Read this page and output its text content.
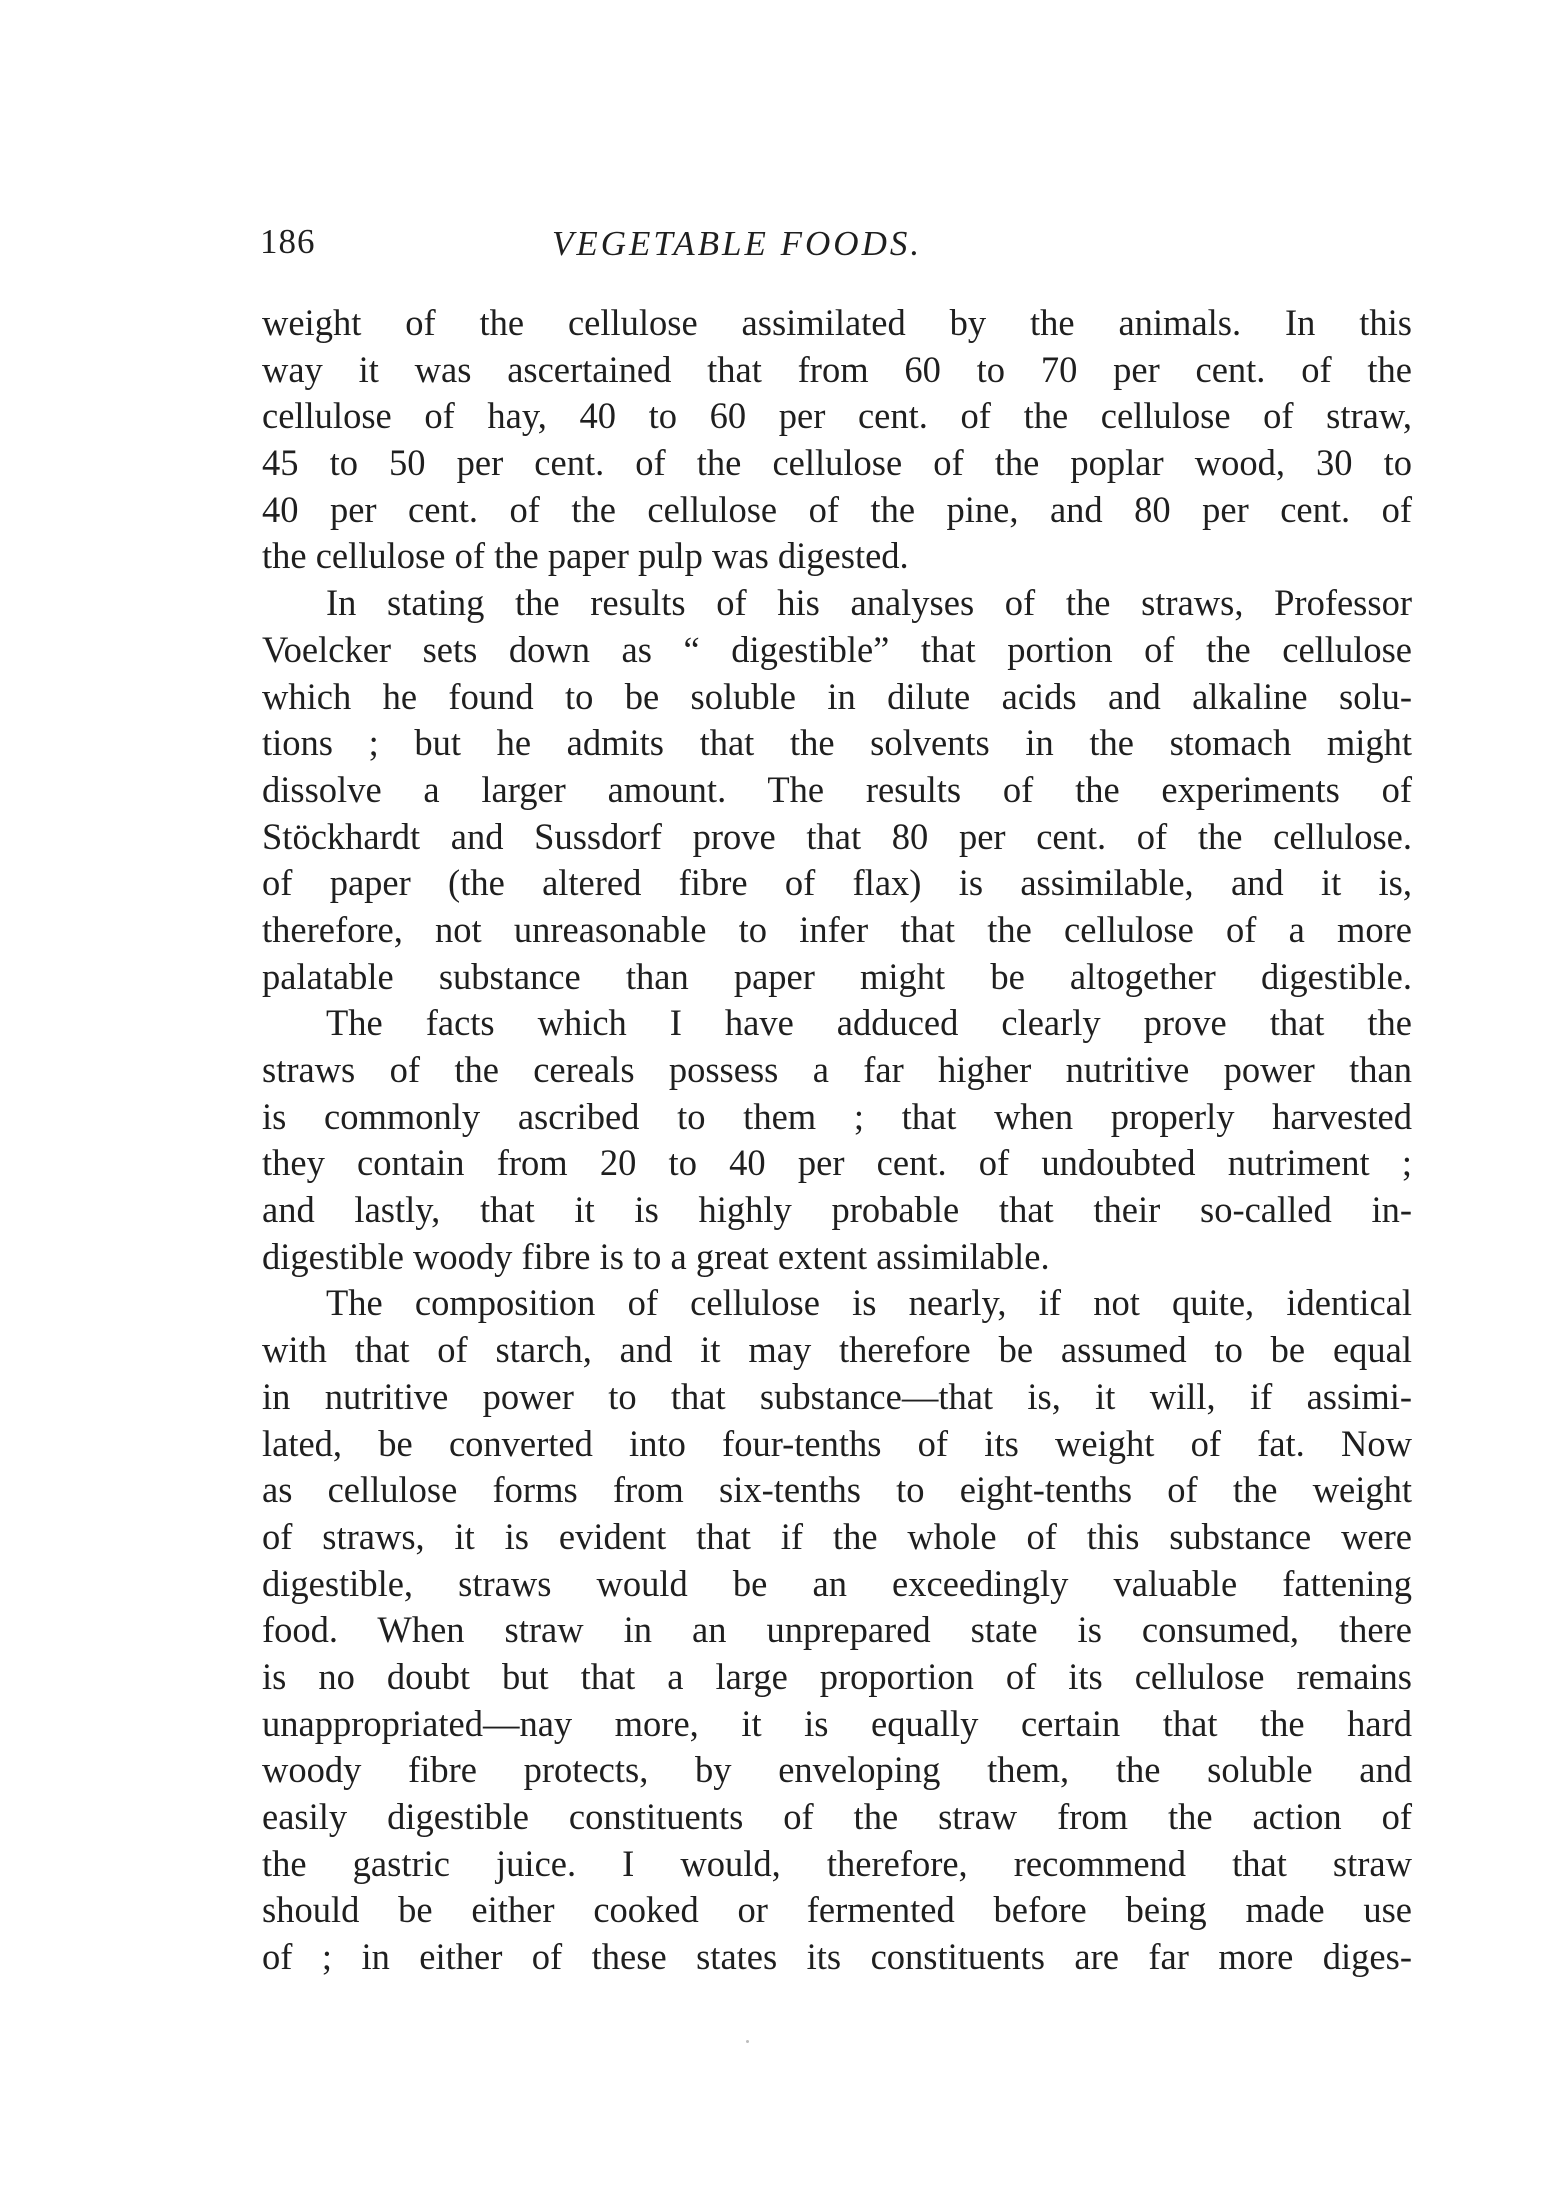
186	VEGETABLE FOODS.
weight of the cellulose assimilated by the animals. In this
way it was ascertained that from 60 to 70 per cent. of the
cellulose of hay, 40 to 60 per cent. of the cellulose of straw,
45 to 50 per cent. of the cellulose of the poplar wood, 30 to
40 per cent. of the cellulose of the pine, and 80 per cent. of
the cellulose of the paper pulp was digested.
In stating the results of his analyses of the straws, Professor
Voelcker sets down as “ digestible” that portion of the cellulose
which he found to be soluble in dilute acids and alkaline solu-
tions ; but he admits that the solvents in the stomach might
dissolve a larger amount. The results of the experiments of
Stöckhardt and Sussdorf prove that 80 per cent. of the cellulose.
of paper (the altered fibre of flax) is assimilable, and it is,
therefore, not unreasonable to infer that the cellulose of a more
palatable substance than paper might be altogether digestible.
The facts which I have adduced clearly prove that the
straws of the cereals possess a far higher nutritive power than
is commonly ascribed to them ; that when properly harvested
they contain from 20 to 40 per cent. of undoubted nutriment ;
and lastly, that it is highly probable that their so-called in-
digestible woody fibre is to a great extent assimilable.
The composition of cellulose is nearly, if not quite, identical
with that of starch, and it may therefore be assumed to be equal
in nutritive power to that substance—that is, it will, if assimi-
lated, be converted into four-tenths of its weight of fat. Now
as cellulose forms from six-tenths to eight-tenths of the weight
of straws, it is evident that if the whole of this substance were
digestible, straws would be an exceedingly valuable fattening
food. When straw in an unprepared state is consumed, there
is no doubt but that a large proportion of its cellulose remains
unappropriated—nay more, it is equally certain that the hard
woody fibre protects, by enveloping them, the soluble and
easily digestible constituents of the straw from the action of
the gastric juice. I would, therefore, recommend that straw
should be either cooked or fermented before being made use
of ; in either of these states its constituents are far more diges-
